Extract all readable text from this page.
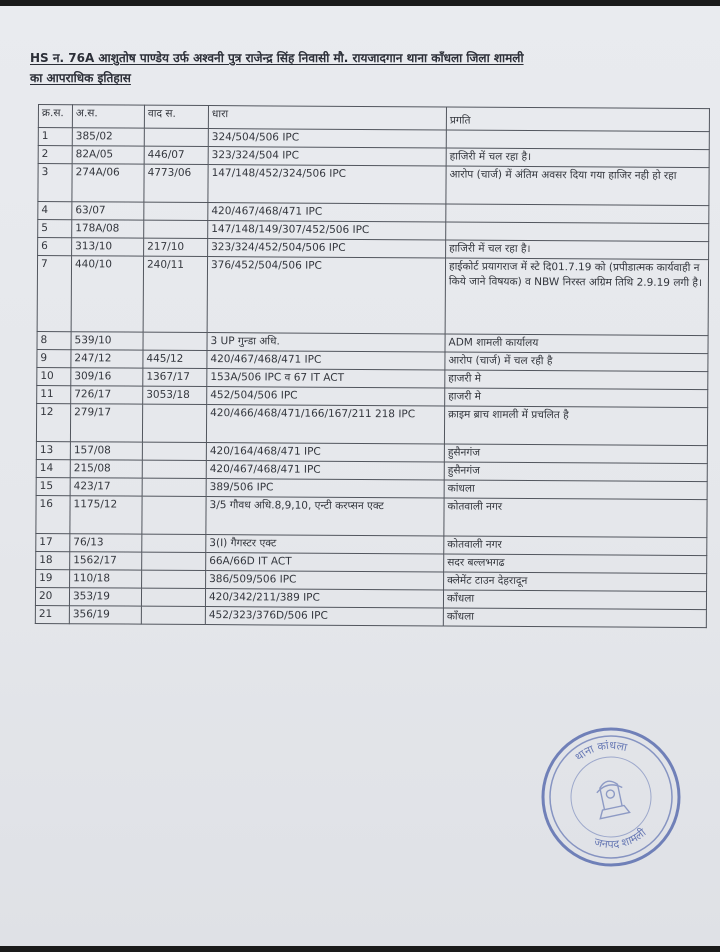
HS न. 76A आशुतोष पाण्डेय उर्फ अश्वनी पुत्र राजेन्द्र सिंह निवासी मौ. रायजादगान थाना काँधला जिला शामली
का आपराधिक इतिहास
क्र.स.	अ.स.	वाद स.	धारा	प्रगति
1	385/02		324/504/506 IPC	
2	82A/05	446/07	323/324/504 IPC	हाजिरी में चल रहा है।
3	274A/06	4773/06	147/148/452/324/506 IPC	आरोप (चार्ज) में अंतिम अवसर दिया गया हाजिर नही हो रहा
4	63/07		420/467/468/471 IPC	
5	178A/08		147/148/149/307/452/506 IPC	
6	313/10	217/10	323/324/452/504/506 IPC	हाजिरी में चल रहा है।
7	440/10	240/11	376/452/504/506 IPC	हाईकोर्ट प्रयागराज में स्टे दि01.7.19 को (प्रपीडात्मक कार्यवाही न किये जाने विषयक) व NBW निरस्त अग्रिम तिथि 2.9.19 लगी है।
8	539/10		3 UP गुन्डा अधि.	ADM शामली कार्यालय
9	247/12	445/12	420/467/468/471 IPC	आरोप (चार्ज) में चल रही है
10	309/16	1367/17	153A/506 IPC व 67 IT ACT	हाजरी मे
11	726/17	3053/18	452/504/506 IPC	हाजरी मे
12	279/17		420/466/468/471/166/167/211 218 IPC	क्राइम ब्राच शामली में प्रचलित है
13	157/08		420/164/468/471 IPC	हुसैनगंज
14	215/08		420/467/468/471 IPC	हुसैनगंज
15	423/17		389/506 IPC	कांधला
16	1175/12		3/5 गौवध अधि.8,9,10, एन्टी करप्सन एक्ट	कोतवाली नगर
17	76/13		3(I) गैगस्टर एक्ट	कोतवाली नगर
18	1562/17		66A/66D IT ACT	सदर बल्लभगढ
19	110/18		386/509/506 IPC	क्लेमेंट टाउन देहरादून
20	353/19		420/342/211/389 IPC	काँधला
21	356/19		452/323/376D/506 IPC	काँधला
थाना कांधला
जनपद शामली
